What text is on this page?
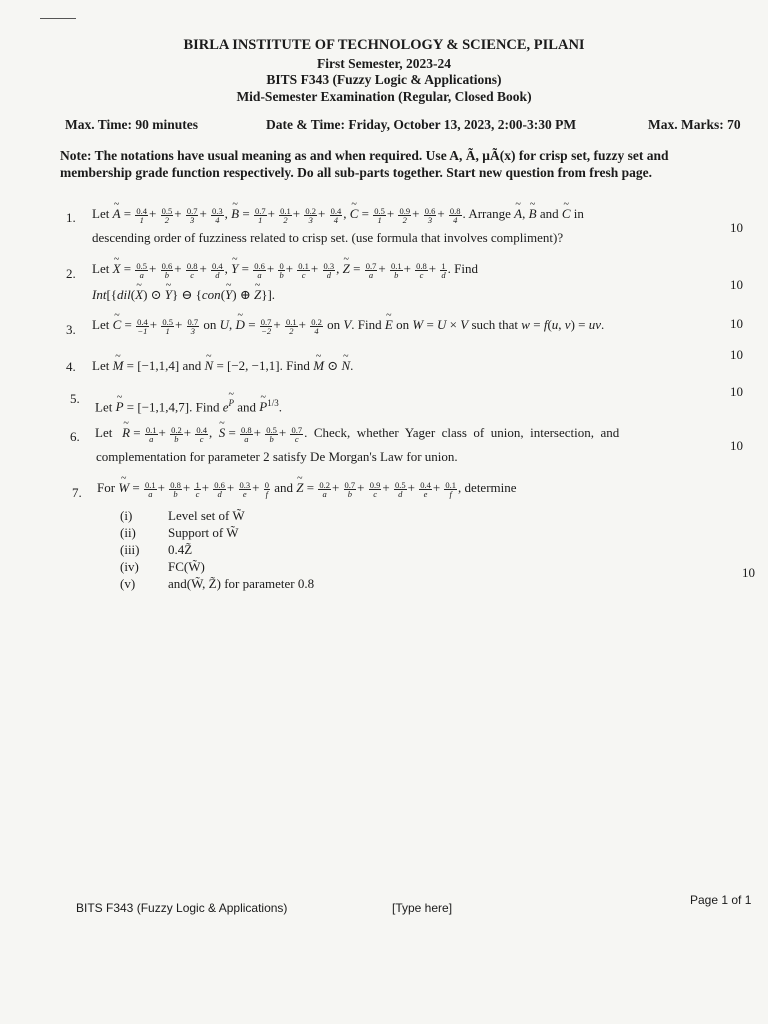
BIRLA INSTITUTE OF TECHNOLOGY & SCIENCE, PILANI
First Semester, 2023-24
BITS F343 (Fuzzy Logic & Applications)
Mid-Semester Examination (Regular, Closed Book)
Max. Time: 90 minutes	Date & Time: Friday, October 13, 2023, 2:00-3:30 PM	Max. Marks: 70
Note: The notations have usual meaning as and when required. Use A, Ã, μÃ(x) for crisp set, fuzzy set and membership grade function respectively. Do all sub-parts together. Start new question from fresh page.
1. Let ~ $A = \frac{0.4}{1} + \frac{0.5}{2} + \frac{0.7}{3} + \frac{0.3}{4}$ , ~ $B = \frac{0.7}{1} + \frac{0.1}{2} + \frac{0.2}{3} + \frac{0.4}{4}$ , ~ $C = \frac{0.5}{1} + \frac{0.9}{2} + \frac{0.6}{3} + \frac{0.8}{4}$ . Arrange ~ A, ~ B and ~ C in
descending order of fuzziness related to crisp set. (use formula that involves compliment)?
10
2. Let ~ $X = \frac{0.5}{a} + \frac{0.6}{b} + \frac{0.8}{c} + \frac{0.4}{d}$ , ~ $Y = \frac{0.6}{a} + \frac{0}{b} + \frac{0.1}{c} + \frac{0.3}{d}$ , ~ $Z = \frac{0.7}{a} + \frac{0.1}{b} + \frac{0.8}{c} + \frac{1}{d}$ . Find
Int[{dil(~ X) ⊙ ~ Y} ⊖ {con(~ Y) ⊕ ~ Z}].
10
3. Let ~ $C = \frac{0.4}{-1} + \frac{0.5}{1} + \frac{0.7}{3}$ on U, ~ $D = \frac{0.7}{-2} + \frac{0.1}{2} + \frac{0.2}{4}$ on V. Find ~ E on W = U × V such that w = f(u, v) = uv.	10
4. Let ~ M = [−1,1,4] and ~ N = [−2, −1,1]. Find ~ M ⊙ ~ N.
10
5.
Let ~ P = [−1,1,4,7]. Find e~ $^P$ and ~ $P^{1/3}$.
10
6. Let   ~ $R = \frac{0.1}{a} + \frac{0.2}{b} + \frac{0.4}{c}$ ,  ~ $S = \frac{0.8}{a} + \frac{0.5}{b} + \frac{0.7}{c}$ .  Check,  whether  Yager  class  of  union,  intersection,  and
complementation for parameter 2 satisfy De Morgan's Law for union.
10
7. For ~ $W = \frac{0.1}{a} + \frac{0.8}{b} + \frac{1}{c} + \frac{0.6}{d} + \frac{0.3}{e} + \frac{0}{f}$ and ~ $Z = \frac{0.2}{a} + \frac{0.7}{b} + \frac{0.9}{c} + \frac{0.5}{d} + \frac{0.4}{e} + \frac{0.1}{f}$ , determine
(i)	Level set of W̃
(ii) Support of W̃
(iii) 0.4Z̃
(iv) FC(W̃)
(v)	and(W̃, Z̃) for parameter 0.8
10
BITS F343 (Fuzzy Logic & Applications)	[Type here]
Page 1 of 1
